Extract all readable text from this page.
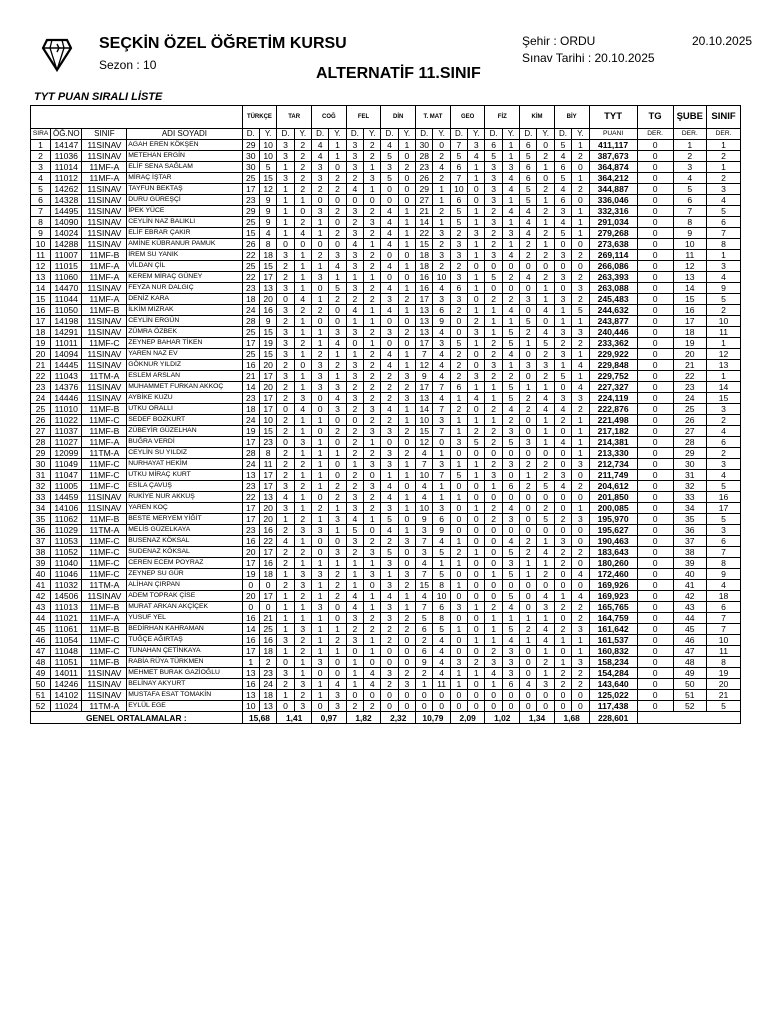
SEÇKİN ÖZEL ÖĞRETİM KURSU
Sezon : 10
Şehir : ORDU
Sınav Tarihi : 20.10.2025
20.10.2025
ALTERNATİF 11.SINIF
TYT PUAN SIRALI LİSTE
				TÜRKÇE		TAR		COĞ		FEL		DİN		T. MAT		GEO		FİZ		KİM		BİY		TYT	TG	ŞUBE	SINIF
SIRA	ÖĞ.NO	SINIF	ADI SOYADI	D.	Y.	D.	Y.	D.	Y.	D.	Y.	D.	Y.	D.	Y.	D.	Y.	D.	Y.	D.	Y.	D.	Y.	PUANI	DER.	DER.	DER.
1	14147	11SINAV	AGAH EREN KÖKŞEN	29	10	3	2	4	1	3	2	4	1	30	0	7	3	6	1	6	0	5	1	411,117	0	1	1
2	11036	11SINAV	METEHAN ERGİN	30	10	3	2	4	1	3	2	5	0	28	2	5	4	5	1	5	2	4	2	387,673	0	2	2
3	11014	11MF-A	ELİF SENA SAĞLAM	30	5	1	2	3	0	3	1	3	2	23	4	6	1	3	3	6	1	6	0	364,874	0	3	1
4	11012	11MF-A	MİRAÇ İŞTAR	25	15	3	2	3	2	2	3	5	0	26	2	7	1	3	4	6	0	5	1	364,212	0	4	2
5	14262	11SINAV	TAYFUN BEKTAŞ	17	12	1	2	2	2	4	1	0	0	29	1	10	0	3	4	5	2	4	2	344,887	0	5	3
6	14328	11SINAV	DURU GÜREŞÇİ	23	9	1	1	0	0	0	0	0	0	27	1	6	0	3	1	5	1	6	0	336,046	0	6	4
7	14495	11SINAV	İPEK YÜCE	29	9	1	0	3	2	3	2	4	1	21	2	5	1	2	4	4	2	3	1	332,316	0	7	5
8	14090	11SINAV	CEYLİN NAZ BALIKLI	25	9	1	2	1	0	2	3	4	1	14	1	5	1	3	1	4	1	4	1	291,034	0	8	6
9	14024	11SINAV	ELİF EBRAR ÇAKIR	15	4	1	4	1	2	3	2	4	1	22	3	2	3	2	3	4	2	5	1	279,268	0	9	7
10	14288	11SINAV	AMİNE KÜBRANUR PAMUK	26	8	0	0	0	0	4	1	4	1	15	2	3	1	2	1	2	1	0	0	273,638	0	10	8
11	11007	11MF-B	İREM SU YANIK	22	18	3	1	2	3	3	2	0	0	18	3	3	1	3	4	2	2	3	2	269,114	0	11	1
12	11015	11MF-A	VİLDAN ÇİL	25	15	2	1	1	4	3	2	4	1	18	2	2	0	0	0	0	0	0	0	266,086	0	12	3
13	11060	11MF-A	KEREM MİRAÇ GÜNEY	22	17	2	1	3	1	1	1	0	0	16	10	3	1	5	2	4	2	3	2	263,393	0	13	4
14	14470	11SINAV	FEYZA NUR DALGIÇ	23	13	3	1	0	5	3	2	4	1	16	4	6	1	0	0	0	1	0	3	263,088	0	14	9
15	11044	11MF-A	DENİZ KARA	18	20	0	4	1	2	2	2	3	2	17	3	3	0	2	2	3	1	3	2	245,483	0	15	5
16	11050	11MF-B	İLKİM MIZRAK	24	16	3	2	2	0	4	1	4	1	13	6	2	1	1	4	0	4	1	5	244,632	0	16	2
17	14198	11SINAV	CEYLİN ERGÜN	28	9	2	1	0	0	1	1	0	0	13	9	0	2	1	1	5	0	1	1	243,877	0	17	10
18	14291	11SINAV	ZÜMRA ÖZBEK	25	15	3	1	1	3	3	2	3	2	13	4	0	3	1	5	2	4	3	3	240,446	0	18	11
19	11011	11MF-C	ZEYNEP BAHAR TİKEN	17	19	3	2	1	4	0	1	0	0	17	3	5	1	2	5	1	5	2	2	233,362	0	19	1
20	14094	11SINAV	YAREN NAZ EV	25	15	3	1	2	1	1	2	4	1	7	4	2	0	2	4	0	2	3	1	229,922	0	20	12
21	14445	11SINAV	GÖKNUR YILDIZ	16	20	2	0	3	2	3	2	4	1	12	4	2	0	3	1	3	3	1	4	229,848	0	21	13
22	11043	11TM-A	ESLEM ARSLAN	21	17	3	1	3	1	3	2	2	3	9	4	2	3	2	2	0	2	5	1	229,752	0	22	1
23	14376	11SINAV	MUHAMMET FURKAN AKKOÇ	14	20	2	1	3	3	2	2	2	2	17	7	6	1	1	5	1	1	0	4	227,327	0	23	14
24	14446	11SINAV	AYBİKE KUZU	23	17	2	3	0	4	3	2	2	3	13	4	1	4	1	5	2	4	3	3	224,119	0	24	15
25	11010	11MF-B	UTKU ORALLI	18	17	0	4	0	3	2	3	4	1	14	7	2	0	2	4	2	4	4	2	222,876	0	25	3
26	11022	11MF-C	SEDEF BOZKURT	24	10	2	1	1	0	0	2	2	1	10	3	1	1	1	2	0	1	2	1	221,498	0	26	2
27	11037	11MF-B	ZÜBEYİR GÜZELHAN	19	15	2	1	0	2	2	3	3	2	15	7	1	2	2	3	0	1	0	1	217,182	0	27	4
28	11027	11MF-A	BUĞRA VERDİ	17	23	0	3	1	0	2	1	0	0	12	0	3	5	2	5	3	1	4	1	214,381	0	28	6
29	12099	11TM-A	CEYLİN SU YILDIZ	28	8	2	1	1	1	2	2	3	2	4	1	0	0	0	0	0	0	0	1	213,330	0	29	2
30	11049	11MF-C	NURHAYAT HEKİM	24	11	2	2	1	0	1	3	3	1	7	3	1	1	2	3	2	2	0	3	212,734	0	30	3
31	11047	11MF-C	UTKU MİRAÇ KURT	13	17	2	1	1	0	2	0	1	1	10	7	5	1	3	0	1	2	3	0	211,749	0	31	4
32	11005	11MF-C	ESİLA ÇAVUŞ	23	17	3	2	1	2	2	3	4	0	4	1	0	0	1	6	2	5	4	2	204,612	0	32	5
33	14459	11SINAV	RUKİYE NUR AKKUŞ	22	13	4	1	0	2	3	2	4	1	4	1	1	0	0	0	0	0	0	0	201,850	0	33	16
34	14106	11SINAV	YAREN KOÇ	17	20	3	1	2	1	3	2	3	1	10	3	0	1	2	4	0	2	0	1	200,085	0	34	17
35	11062	11MF-B	BESTE MERYEM YİĞİT	17	20	1	2	1	3	4	1	5	0	9	6	0	0	2	3	0	5	2	3	195,970	0	35	5
36	11029	11TM-A	MELİS GÜZELKAYA	23	16	2	3	3	1	5	0	4	1	3	9	0	0	0	0	0	0	0	0	195,627	0	36	3
37	11053	11MF-C	BUSENAZ KÖKSAL	16	22	4	1	0	0	3	2	2	3	7	4	1	0	0	4	2	1	3	0	190,463	0	37	6
38	11052	11MF-C	SUDENAZ KÖKSAL	20	17	2	2	0	3	2	3	5	0	3	5	2	1	0	5	2	4	2	2	183,643	0	38	7
39	11040	11MF-C	CEREN ECEM POYRAZ	17	16	2	1	1	1	1	1	3	0	4	1	1	0	0	3	1	1	2	0	180,260	0	39	8
40	11046	11MF-C	ZEYNEP SU GÜR	19	18	1	3	3	2	1	3	1	3	7	5	0	0	1	5	1	2	0	4	172,460	0	40	9
41	11032	11TM-A	ALİHAN ÇIRPAN	0	0	2	3	1	2	1	0	3	2	15	8	1	0	0	0	0	0	0	0	169,926	0	41	4
42	14506	11SINAV	ADEM TOPRAK ÇİSE	20	17	1	2	1	2	4	1	4	1	4	10	0	0	0	5	0	4	1	4	169,923	0	42	18
43	11013	11MF-B	MURAT ARKAN AKÇİÇEK	0	0	1	1	3	0	4	1	3	1	7	6	3	1	2	4	0	3	2	2	165,765	0	43	6
44	11021	11MF-A	YUSUF YEL	16	21	1	1	1	0	3	2	3	2	5	8	0	0	1	1	1	1	0	2	164,759	0	44	7
45	11061	11MF-B	BEDİRHAN KAHRAMAN	14	25	1	3	1	1	2	2	2	2	6	5	1	0	1	5	2	4	2	3	161,642	0	45	7
46	11054	11MF-C	TUĞÇE AĞIRTAŞ	16	16	3	2	1	2	3	1	2	0	2	4	0	1	1	4	1	4	1	1	161,537	0	46	10
47	11048	11MF-C	TUNAHAN ÇETİNKAYA	17	18	1	2	1	1	0	1	0	0	6	4	0	0	2	3	0	1	0	1	160,832	0	47	11
48	11051	11MF-B	RABİA RÜYA TÜRKMEN	1	2	0	1	3	0	1	0	0	0	9	4	3	2	3	3	0	2	1	3	158,234	0	48	8
49	14011	11SINAV	MEHMET BURAK GAZİOĞLU	13	23	3	1	0	0	1	4	3	2	2	4	1	1	4	3	0	1	2	2	154,284	0	49	19
50	14246	11SINAV	BELİNAY AKYURT	16	24	2	3	1	4	1	4	2	3	1	11	1	0	1	6	4	3	2	2	143,640	0	50	20
51	14102	11SINAV	MUSTAFA ESAT TOMAKİN	13	18	1	2	1	3	0	0	0	0	0	0	0	0	0	0	0	0	0	0	125,022	0	51	21
52	11024	11TM-A	EYLÜL EGE	10	13	0	3	0	3	2	2	0	0	0	0	0	0	0	0	0	0	0	0	117,438	0	52	5
GENEL ORTALAMALAR :				15,68		1,41		0,97		1,82		2,32		10,79		2,09		1,02		1,34		1,68		228,601			
